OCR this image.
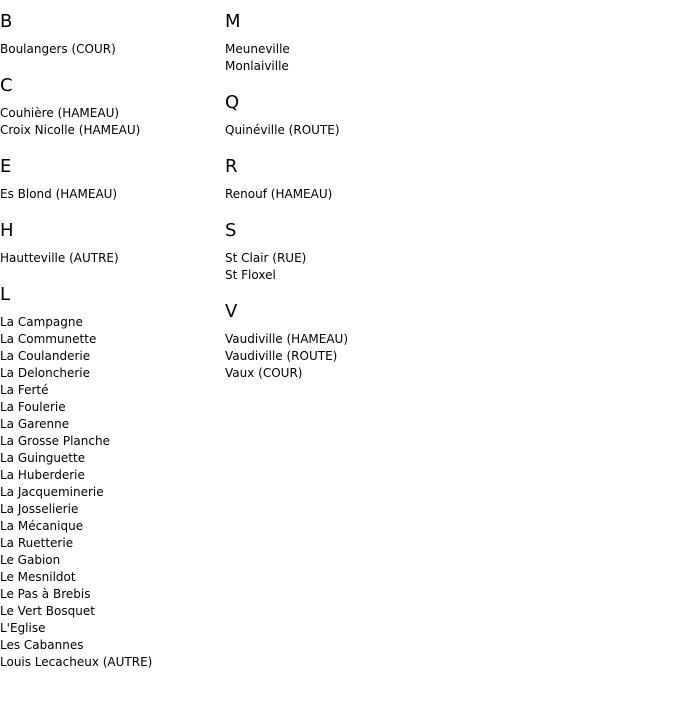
B
Boulangers (COUR)
C
Couhière (HAMEAU)
Croix Nicolle (HAMEAU)
E
Es Blond (HAMEAU)
H
Hautteville (AUTRE)
L
La Campagne
La Communette
La Coulanderie
La Deloncherie
La Ferté
La Foulerie
La Garenne
La Grosse Planche
La Guinguette
La Huberderie
La Jacqueminerie
La Josselierie
La Mécanique
La Ruetterie
Le Gabion
Le Mesnildot
Le Pas à Brebis
Le Vert Bosquet
L'Eglise
Les Cabannes
Louis Lecacheux (AUTRE)
M
Meuneville
Monlaiville
Q
Quinéville (ROUTE)
R
Renouf (HAMEAU)
S
St Clair (RUE)
St Floxel
V
Vaudiville (HAMEAU)
Vaudiville (ROUTE)
Vaux (COUR)
